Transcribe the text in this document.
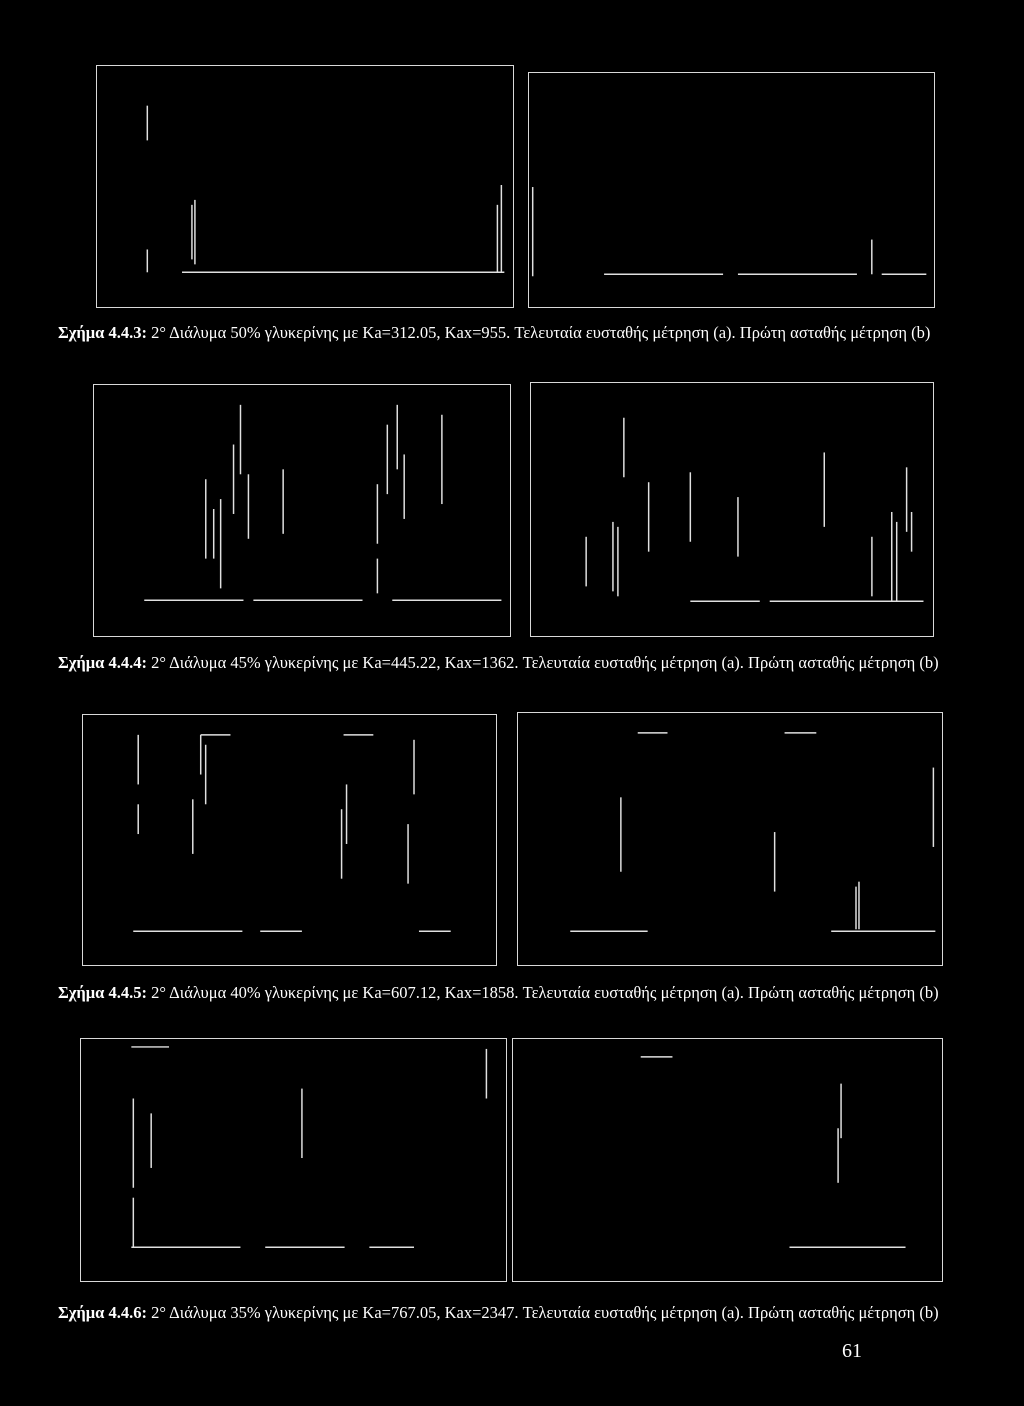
Σχήμα 4.4.3: 2° Διάλυμα 50% γλυκερίνης με Ka=312.05, Kax=955. Τελευταία ευσταθής μέτρηση (a). Πρώτη ασταθής μέτρηση (b)
Σχήμα 4.4.4: 2° Διάλυμα 45% γλυκερίνης με Ka=445.22, Kax=1362. Τελευταία ευσταθής μέτρηση (a). Πρώτη ασταθής μέτρηση (b)
Σχήμα 4.4.5: 2° Διάλυμα 40% γλυκερίνης με Ka=607.12, Kax=1858. Τελευταία ευσταθής μέτρηση (a). Πρώτη ασταθής μέτρηση (b)
Σχήμα 4.4.6: 2° Διάλυμα 35% γλυκερίνης με Ka=767.05, Kax=2347. Τελευταία ευσταθής μέτρηση (a). Πρώτη ασταθής μέτρηση (b)
61
